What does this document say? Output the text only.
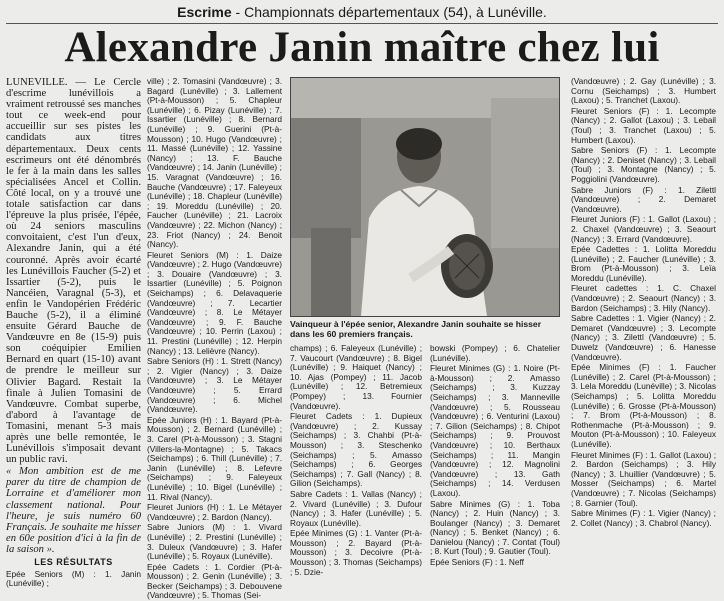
Escrime - Championnats départementaux (54), à Lunéville.
Alexandre Janin maître chez lui

LUNEVILLE. — Le Cercle d'escrime lunévillois a vraiment retroussé ses manches tout ce week-end pour accueillir sur ses pistes les candidats aux titres départementaux. Deux cents escrimeurs ont été dénombrés le fer à la main dans les salles spécialisées Ancel et Collin. Côté local, on y a trouvé une totale satisfaction car dans l'épreuve la plus prisée, l'épée, où 24 seniors masculins convoitaient, c'est l'un d'eux, Alexandre Janin, qui a été couronné. Après avoir écarté les Lunévillois Faucher (5-2) et Issartier (5-2), puis le Nancéien, Varagnal (5-3), et enfin le Vandopérien Frédéric Bauche (5-2), il a éliminé ensuite Gérard Bauche de Vandœuvre en 8e (15-9) puis son coéquipier Emilien Bernard en quart (15-10) avant de prendre le meilleur sur Olivier Bagard. Restait la finale à Julien Tomasini de Vandœuvre. Combat superbe, d'abord à l'avantage de Tomasini, menant 5-3 mais après une belle remontée, le Lunévillois s'imposait devant un public ravi.

« Mon ambition est de me parer du titre de champion de Lorraine et d'améliorer mon classement national. Pour l'heure, je suis numéro 60 Français. Je souhaite me hisser en 60e position d'ici à la fin de la saison ».

LES RÉSULTATS

Epée Seniors (M) : 1. Janin (Lunéville) ;

ville) ; 2. Tomasini (Vandœuvre) ; 3. Bagard (Lunéville) ; 3. Lallement (Pt-à-Mousson) ; 5. Chapleur (Lunéville) ; 6. Pizay (Lunéville) ; 7. Issartier (Lunéville) ; 8. Bernard (Lunéville) ; 9. Guerini (Pt-à-Mousson) ; 10. Hugo (Vandœuvre) ; 11. Massé (Lunéville) ; 12. Yassine (Nancy) ; 13. F. Bauche (Vandœuvre) ; 14. Janin (Lunéville) ; 15. Varagnat (Vandœuvre) ; 16. Bauche (Vandœuvre) ; 17. Faleyeux (Lunéville) ; 18. Chapleur (Lunéville) ; 19. Moreddu (Lunéville) ; 20. Faucher (Lunéville) ; 21. Lacroix (Vandœuvre) ; 22. Michon (Nancy) ; 23. Friot (Nancy) ; 24. Benoit (Nancy).

Fleuret Seniors (M) : 1. Daize (Vandœuvre) ; 2. Hugo (Vandœuvre) ; 3. Douaire (Vandœuvre) ; 3. Issartier (Lunéville) ; 5. Poignon (Seichamps) ; 6. Delavaquerie (Vandœuvre) ; 7. Lecartier (Vandœuvre) ; 8. Le Métayer (Vandœuvre) ; 9. F. Bauche (Vandœuvre) ; 10. Perrin (Laxou) ; 11. Prestini (Lunéville) ; 12. Herpin (Nancy) ; 13. Lelièvre (Nancy).

Sabre Seniors (H) : 1. Strett (Nancy) ; 2. Vigier (Nancy) ; 3. Daize (Vandœuvre) ; 3. Le Métayer (Vandœuvre) ; 5. Errard (Vandœuvre) ; 6. Michel (Vandœuvre).

Epée Juniors (H) : 1. Bayard (Pt-à-Mousson) ; 2. Bernard (Lunéville) ; 3. Carel (Pt-à-Mousson) ; 3. Stagni (Villers-la-Montagne) ; 5. Takacs (Seichamps) ; 6. Thill (Lunéville) ; 7. Janin (Lunéville) ; 8. Lefevre (Seichamps) ; 9. Faleyeux (Lunéville) ; 10. Bigel (Lunéville) ; 11. Rival (Nancy).

Fleuret Juniors (H) : 1. Le Métayer (Vandœuvre) ; 2. Bardon (Nancy).

Sabre Juniors (M) : 1. Vivard (Lunéville) ; 2. Prestini (Lunéville) ; 3. Duleux (Vandœuvre) ; 3. Hafer (Lunéville) ; 5. Royaux (Lunéville).

Epée Cadets : 1. Cordier (Pt-à-Mousson) ; 2. Genin (Lunéville) ; 3. Becker (Seichamps) ; 3. Debouvene (Vandœuvre) ; 5. Thomas (Sei-

Vainqueur à l'épée senior, Alexandre Janin souhaite se hisser dans les 60 premiers français.

champs) ; 6. Faleyeux (Lunéville) ; 7. Vaucourt (Vandœuvre) ; 8. Bigel (Lunéville) ; 9. Haiquet (Nancy) ; 10. Ajas (Pompey) ; 11. Jacob (Lunéville) ; 12. Betremieux (Pompey) ; 13. Fournier (Vandœuvre).

Fleuret Cadets : 1. Dupieux (Vandœuvre) ; 2. Kussay (Seichamps) ; 3. Chahbi (Pt-à-Mousson) ; 3. Steschenko (Seichamps) ; 5. Amasso (Seichamps) ; 6. Georges (Seichamps) ; 7. Gall (Nancy) ; 8. Gilion (Seichamps).

Sabre Cadets : 1. Vallas (Nancy) ; 2. Vivard (Lunéville) ; 3. Dufour (Nancy) ; 3. Hafer (Lunéville) ; 5. Royaux (Lunéville).

Epée Minimes (G) : 1. Vanter (Pt-à-Mousson) ; 2. Bayard (Pt-à-Mousson) ; 3. Decoivre (Pt-à-Mousson) ; 3. Thomas (Seichamps) ; 5. Dzie-

bowski (Pompey) ; 6. Chatelier (Lunéville).

Fleuret Minimes (G) : 1. Noire (Pt-à-Mousson) ; 2. Amasso (Seichamps) ; 3. Kuzzay (Seichamps) ; 3. Manneville (Vandœuvre) ; 5. Rousseau (Vandœuvre) ; 6. Venturini (Laxou) ; 7. Gilion (Seichamps) ; 8. Chipot (Seichamps) ; 9. Prouvost (Vandœuvre) ; 10. Berthaux (Seichamps) ; 11. Mangin (Vandœuvre) ; 12. Magnolini (Vandœuvre) ; 13. Gath (Seichamps) ; 14. Verdusen (Laxou).

Sabre Minimes (G) : 1. Toba (Nancy) ; 2. Huin (Nancy) ; 3. Boulanger (Nancy) ; 3. Demaret (Nancy) ; 5. Benket (Nancy) ; 6. Danielou (Nancy) ; 7. Contat (Toul) ; 8. Kurt (Toul) ; 9. Gautier (Toul).

Epée Seniors (F) : 1. Neff

(Vandœuvre) ; 2. Gay (Lunéville) ; 3. Cornu (Seichamps) ; 3. Humbert (Laxou) ; 5. Tranchet (Laxou).

Fleuret Seniors (F) : 1. Lecompte (Nancy) ; 2. Gallot (Laxou) ; 3. Lebail (Toul) ; 3. Tranchet (Laxou) ; 5. Humbert (Laxou).

Sabre Seniors (F) : 1. Lecompte (Nancy) ; 2. Deniset (Nancy) ; 3. Lebail (Toul) ; 3. Montagne (Nancy) ; 5. Poggiolini (Vandœuvre).

Sabre Juniors (F) : 1. Zilettl (Vandœuvre) ; 2. Demaret (Vandœuvre).

Fleuret Juniors (F) : 1. Gallot (Laxou) ; 2. Chaxel (Vandœuvre) ; 3. Seaourt (Nancy) ; 3. Errard (Vandœuvre).

Epée Cadettes : 1. Lolitta Moreddu (Lunéville) ; 2. Faucher (Lunéville) ; 3. Brom (Pt-à-Mousson) ; 3. Leïa Moreddu (Lunéville).

Fleuret cadettes : 1. C. Chaxel (Vandœuvre) ; 2. Seaourt (Nancy) ; 3. Bardon (Seichamps) ; 3. Hily (Nancy).

Sabre Cadettes : 1. Vigier (Nancy) ; 2. Demaret (Vandœuvre) ; 3. Lecompte (Nancy) ; 3. Zilettl (Vandœuvre) ; 5. Duwelz (Vandœuvre) ; 6. Hanesse (Vandœuvre).

Epée Minimes (F) : 1. Faucher (Lunéville) ; 2. Carel (Pt-à-Mousson) ; 3. Lela Moreddu (Lunéville) ; 3. Nicolas (Seichamps) ; 5. Lolitta Moreddu (Lunéville) ; 6. Grosse (Pt-à-Mousson) ; 7. Brom (Pt-à-Mousson) ; 8. Rothenmache (Pt-à-Mousson) ; 9. Mouton (Pt-à-Mousson) ; 10. Faleyeux (Lunéville).

Fleuret Minimes (F) : 1. Gallot (Laxou) ; 2. Bardon (Seichamps) ; 3. Hily (Nancy) ; 3. Lhuillier (Vandœuvre) ; 5. Mosser (Seichamps) ; 6. Martel (Vandœuvre) ; 7. Nicolas (Seichamps) ; 8. Garnier (Toul).

Sabre Minimes (F) : 1. Vigier (Nancy) ; 2. Collet (Nancy) ; 3. Chabrol (Nancy).
